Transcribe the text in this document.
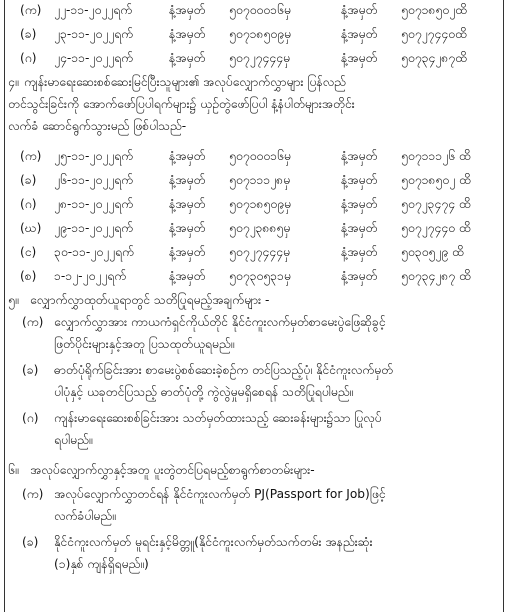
(က) ၂၂-၁၁-၂၀၂၂ရက်	နံ့အမှတ် ၅၀၇၀၀၀၁၆မှ	နံ့အမှတ် ၅၀၇၁၈၅၀၂ထိ
(ခ) ၂၃-၁၁-၂၀၂၂ရက်	နံ့အမှတ် ၅၀၇၁၈၅၀၉မှ	နံ့အမှတ် ၅၀၇၂၇၄၄၀ထိ
(ဂ) ၂၄-၁၁-၂၀၂၂ရက်	နံ့အမှတ် ၅၀၇၂၇၄၄၄မှ	နံ့အမှတ် ၅၀၇၃၄၂၈၇ထိ
၄။ ကျန်းမာရေးဆေးစစ်ဆေးမြင်ပြီးသူများ၏ အလုပ်လျှောက်လွှာများ ပြန်လည်
တင်သွင်းခြင်းကို အောက်ဖော်ပြပါရက်များ၌ ယှဉ်တွဲဖော်ပြပါ နံ့နံပါတ်များအတိုင်း
လက်ခံ ဆောင်ရွက်သွားမည် ဖြစ်ပါသည်-
(က) ၂၅-၁၁-၂၀၂၂ရက်	နံ့အမှတ် ၅၀၇၀၀၀၁၆မှ	နံ့အမှတ် ၅၀၇၁၁၁၂၆ ထိ
(ခ) ၂၆-၁၁-၂၀၂၂ရက်	နံ့အမှတ် ၅၀၇၁၁၁၂၈မှ	နံ့အမှတ် ၅၀၇၁၈၅၀၂ ထိ
(ဂ) ၂၈-၁၁-၂၀၂၂ရက်	နံ့အမှတ် ၅၀၇၁၈၅၀၉မှ	နံ့အမှတ် ၅၀၇၂၃၄၇၄ ထိ
(ဃ) ၂၉-၁၁-၂၀၂၂ရက်	နံ့အမှတ် ၅၀၇၂၃၈၈၅မှ	နံ့အမှတ် ၅၀၇၂၇၄၄၀ ထိ
(င) ၃၀-၁၁-၂၀၂၂ရက်	နံ့အမှတ် ၅၀၇၂၇၄၄၄မှ	နံ့အမှတ် ၅၀၃၀၅၂၉ ထိ
(စ) ၁-၁၂-၂၀၂၂ရက်	နံ့အမှတ် ၅၀၇၃၀၅၃၁မှ	နံ့အမှတ် ၅၀၇၃၄၂၈၇ ထိ
၅။ လျှောက်လွှာထုတ်ယူရာတွင် သတိပြုရမည့်အချက်များ -
(က) လျှောက်လွှာအား ကာယကံရှင်ကိုယ်တိုင် နိုင်ငံကူးလက်မှတ်စာမေးပွဲဖြေဆိုခွင့်
ဖြတ်ပိုင်းများနှင့်အတူ ပြသထုတ်ယူရမည်။
(ခ) ဓာတ်ပုံရိုက်ခြင်းအား စာမေးပွဲစစ်ဆေးခဲ့စဉ်က တင်ပြသည့်ပုံ၊ နိုင်ငံကူးလက်မှတ်
ပါပုံနှင့် ယခုတင်ပြသည့် ဓာတ်ပုံတို့ ကွဲလွဲမှုမရှိစေရန် သတိပြုရပါမည်။
(ဂ) ကျန်းမာရေးဆေးစစ်ခြင်းအား သတ်မှတ်ထားသည့် ဆေးခန်းများ၌သာ ပြုလုပ်
ရပါမည်။
၆။ အလုပ်လျှောက်လွှာနှင့်အတူ ပူးတွဲတင်ပြရမည့်စာရွက်စာတမ်းများ-
(က) အလုပ်လျှောက်လွှာတင်ရန် နိုင်ငံကူးလက်မှတ် PJ(Passport for Job)ဖြင့်
လက်ခံပါမည်။
(ခ) နိုင်ငံကူးလက်မှတ် မူရင်းနှင့်မိတ္တူ(နိုင်ငံကူးလက်မှတ်သက်တမ်း အနည်းဆုံး
(၁)နှစ် ကျန်ရှိရမည်။)
